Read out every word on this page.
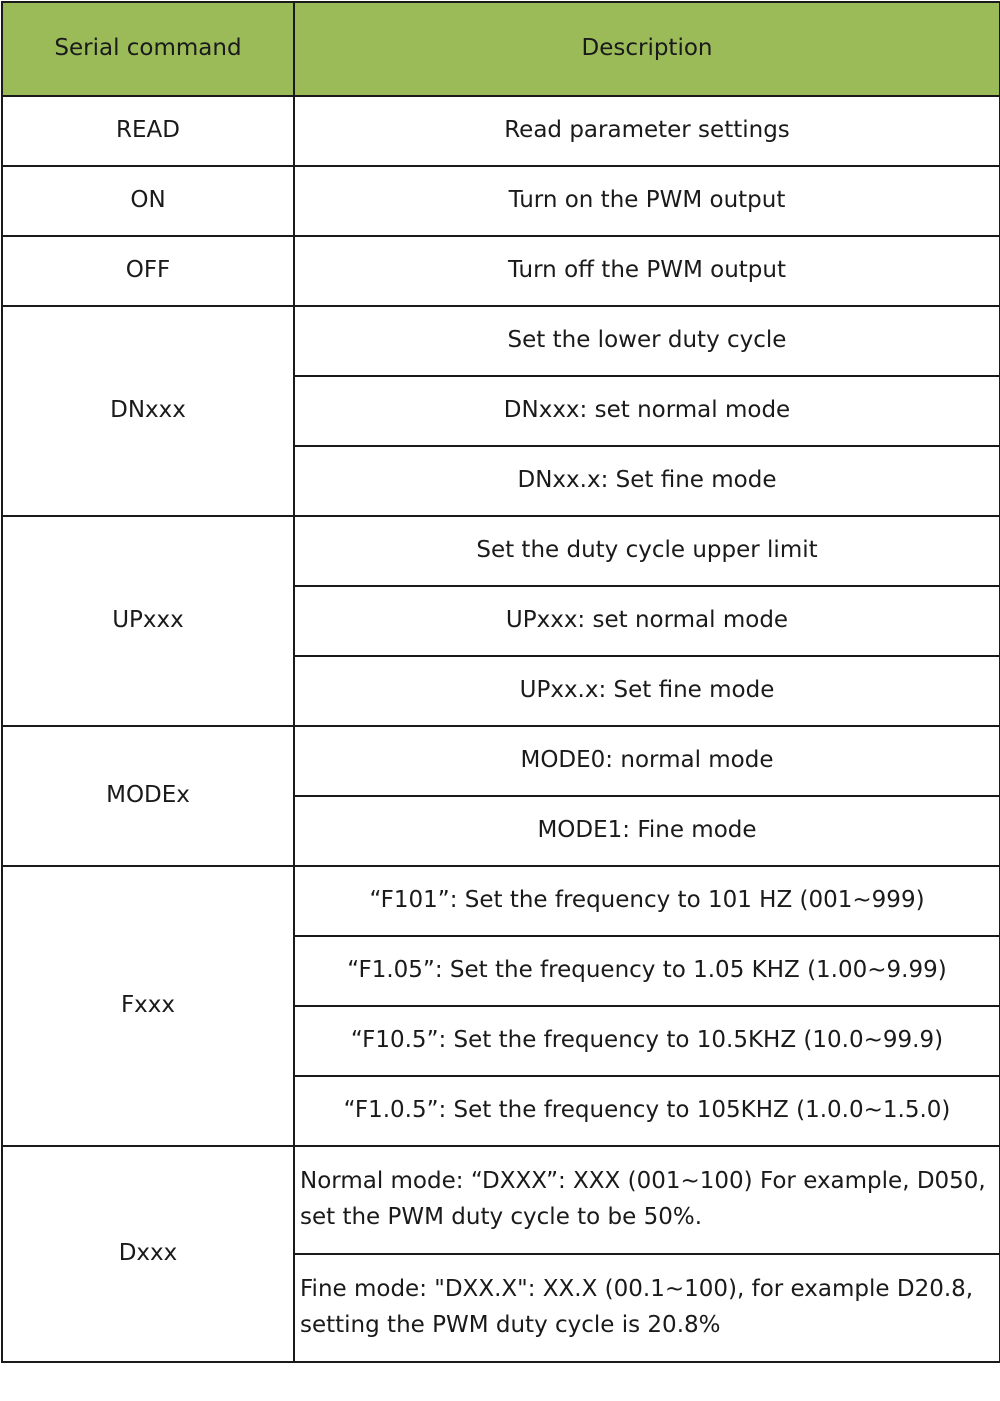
Serial command	Description
READ	Read parameter settings
ON	Turn on the PWM output
OFF	Turn off the PWM output
DNxxx	Set the lower duty cycle
	DNxxx: set normal mode
	DNxx.x: Set fine mode
UPxxx	Set the duty cycle upper limit
	UPxxx: set normal mode
	UPxx.x: Set fine mode
MODEx	MODE0: normal mode
	MODE1: Fine mode
Fxxx	“F101”: Set the frequency to 101 HZ (001~999)
	“F1.05”: Set the frequency to 1.05 KHZ (1.00~9.99)
	“F10.5”: Set the frequency to 10.5KHZ (10.0~99.9)
	“F1.0.5”: Set the frequency to 105KHZ (1.0.0~1.5.0)
Dxxx	Normal mode: “DXXX”: XXX (001~100) For example, D050, set the PWM duty cycle to be 50%.
	Fine mode: "DXX.X": XX.X (00.1~100), for example D20.8, setting the PWM duty cycle is 20.8%
